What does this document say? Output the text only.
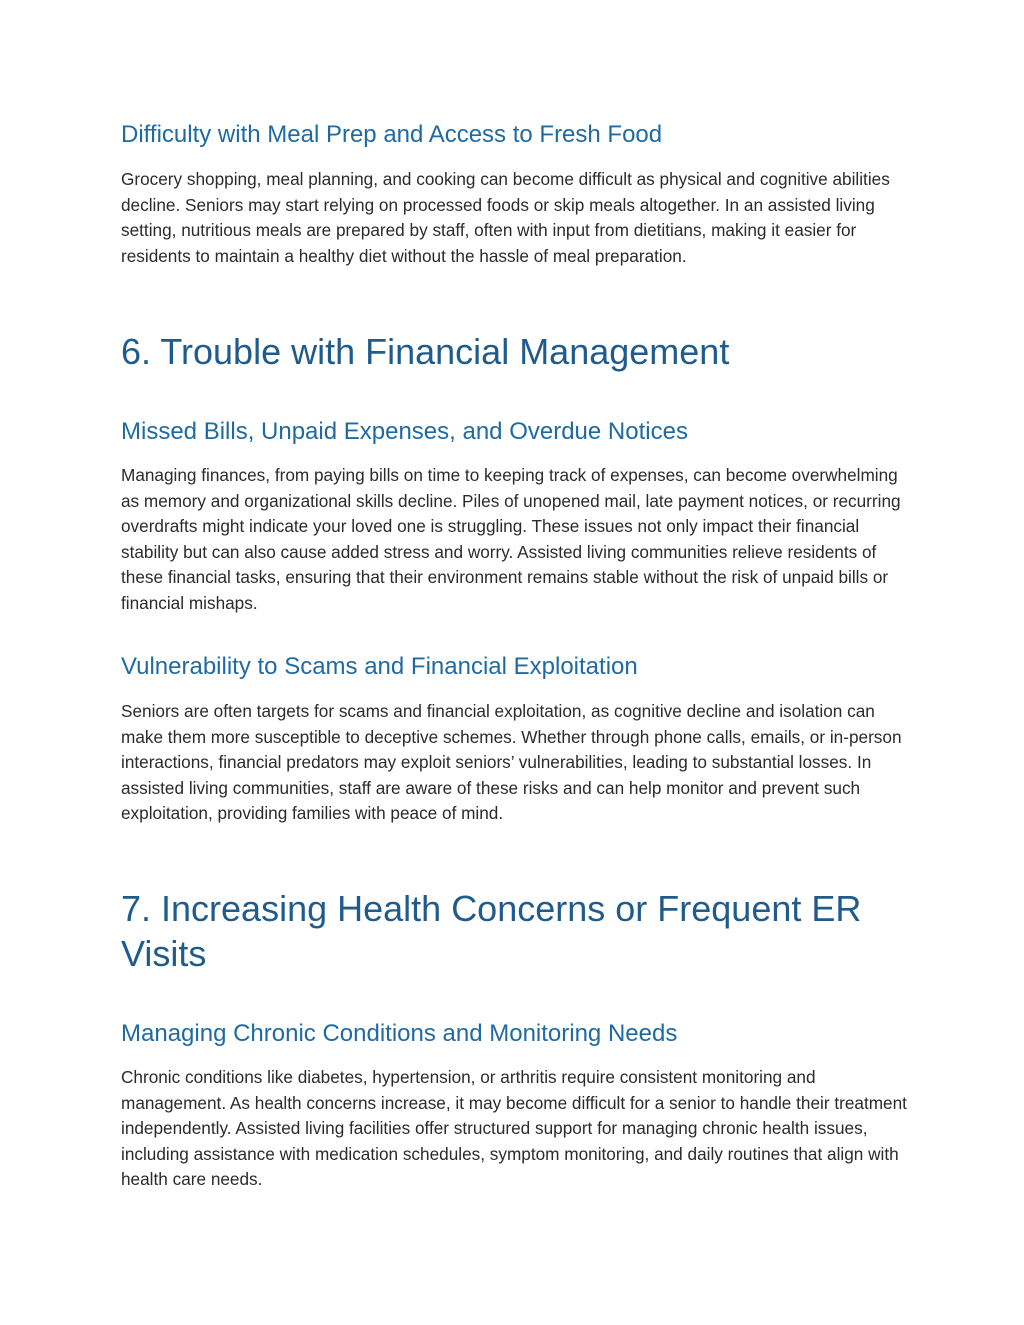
Difficulty with Meal Prep and Access to Fresh Food

Grocery shopping, meal planning, and cooking can become difficult as physical and cognitive abilities decline. Seniors may start relying on processed foods or skip meals altogether. In an assisted living setting, nutritious meals are prepared by staff, often with input from dietitians, making it easier for residents to maintain a healthy diet without the hassle of meal preparation.

6. Trouble with Financial Management
Missed Bills, Unpaid Expenses, and Overdue Notices

Managing finances, from paying bills on time to keeping track of expenses, can become overwhelming as memory and organizational skills decline. Piles of unopened mail, late payment notices, or recurring overdrafts might indicate your loved one is struggling. These issues not only impact their financial stability but can also cause added stress and worry. Assisted living communities relieve residents of these financial tasks, ensuring that their environment remains stable without the risk of unpaid bills or financial mishaps.

Vulnerability to Scams and Financial Exploitation

Seniors are often targets for scams and financial exploitation, as cognitive decline and isolation can make them more susceptible to deceptive schemes. Whether through phone calls, emails, or in-person interactions, financial predators may exploit seniors’ vulnerabilities, leading to substantial losses. In assisted living communities, staff are aware of these risks and can help monitor and prevent such exploitation, providing families with peace of mind.

7. Increasing Health Concerns or Frequent ER Visits
Managing Chronic Conditions and Monitoring Needs

Chronic conditions like diabetes, hypertension, or arthritis require consistent monitoring and management. As health concerns increase, it may become difficult for a senior to handle their treatment independently. Assisted living facilities offer structured support for managing chronic health issues, including assistance with medication schedules, symptom monitoring, and daily routines that align with health care needs.
